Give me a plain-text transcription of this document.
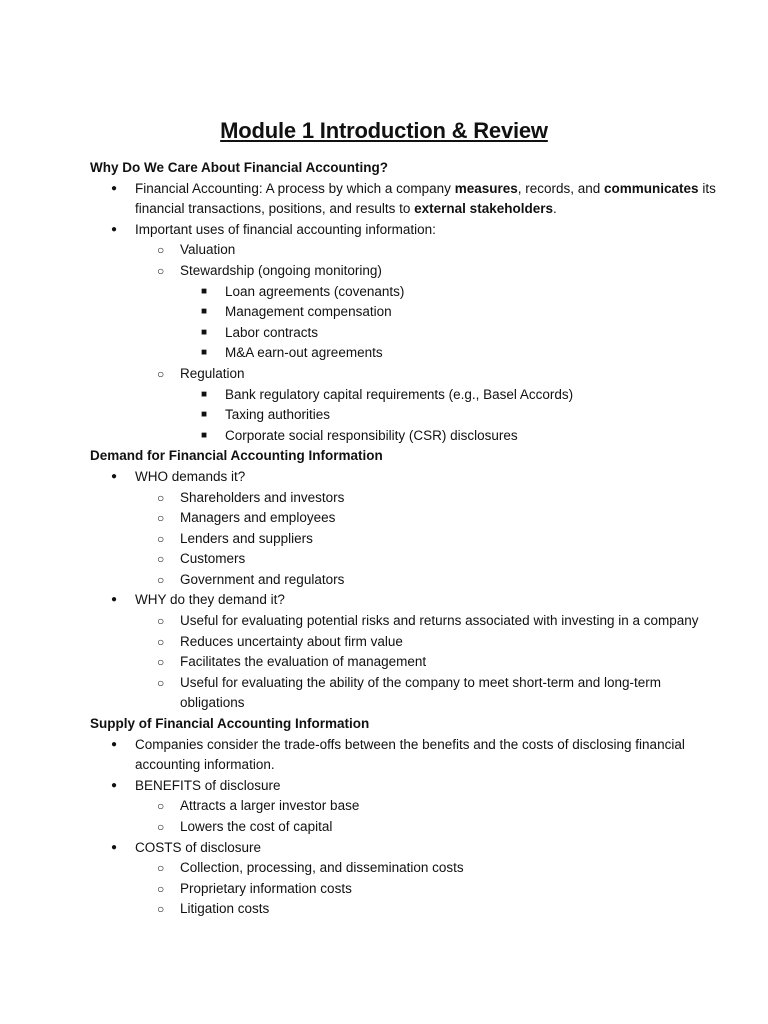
Module 1 Introduction & Review
Why Do We Care About Financial Accounting?
● Financial Accounting: A process by which a company measures, records, and communicates its financial transactions, positions, and results to external stakeholders.
● Important uses of financial accounting information:
○ Valuation
○ Stewardship (ongoing monitoring)
■ Loan agreements (covenants)
■ Management compensation
■ Labor contracts
■ M&A earn-out agreements
○ Regulation
■ Bank regulatory capital requirements (e.g., Basel Accords)
■ Taxing authorities
■ Corporate social responsibility (CSR) disclosures
Demand for Financial Accounting Information
● WHO demands it?
○ Shareholders and investors
○ Managers and employees
○ Lenders and suppliers
○ Customers
○ Government and regulators
● WHY do they demand it?
○ Useful for evaluating potential risks and returns associated with investing in a company
○ Reduces uncertainty about firm value
○ Facilitates the evaluation of management
○ Useful for evaluating the ability of the company to meet short-term and long-term obligations
Supply of Financial Accounting Information
● Companies consider the trade-offs between the benefits and the costs of disclosing financial accounting information.
● BENEFITS of disclosure
○ Attracts a larger investor base
○ Lowers the cost of capital
● COSTS of disclosure
○ Collection, processing, and dissemination costs
○ Proprietary information costs
○ Litigation costs
